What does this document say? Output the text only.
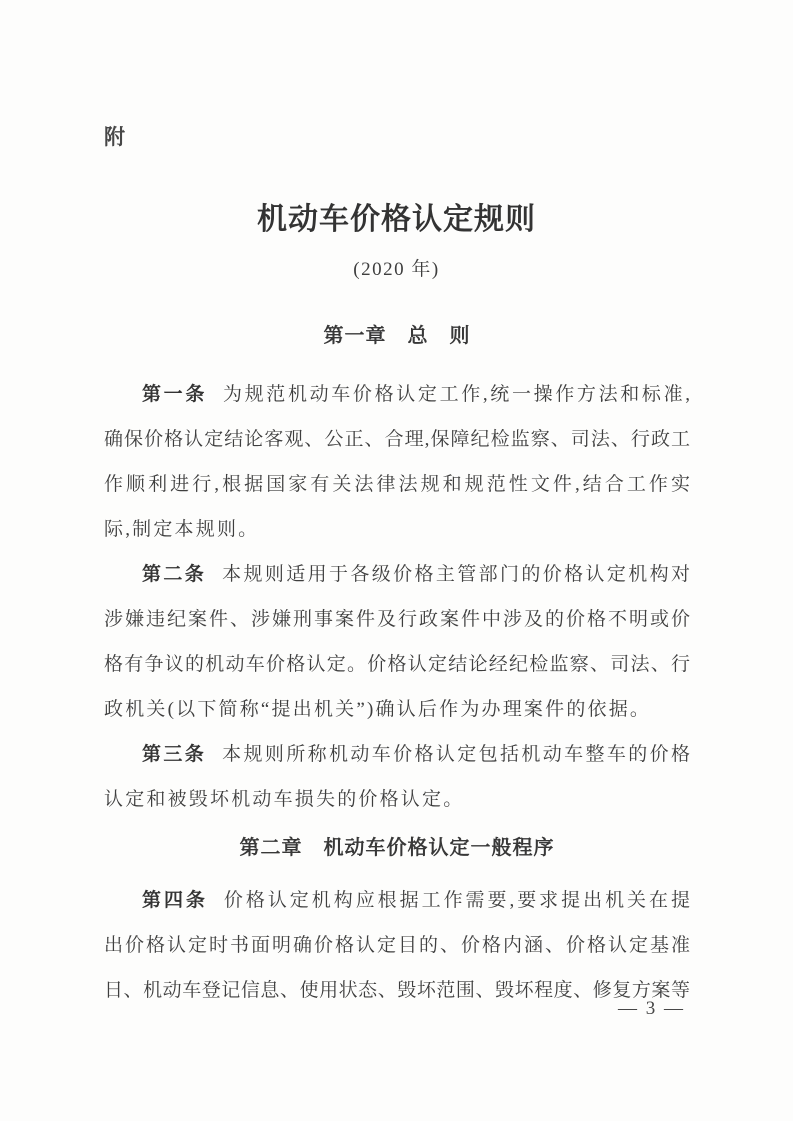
附
机动车价格认定规则
(2020 年)
第一章　总　则
第一条 为规范机动车价格认定工作,统一操作方法和标准,
确保价格认定结论客观、公正、合理,保障纪检监察、司法、行政工
作顺利进行,根据国家有关法律法规和规范性文件,结合工作实
际,制定本规则。
第二条 本规则适用于各级价格主管部门的价格认定机构对
涉嫌违纪案件、涉嫌刑事案件及行政案件中涉及的价格不明或价
格有争议的机动车价格认定。价格认定结论经纪检监察、司法、行
政机关(以下简称“提出机关”)确认后作为办理案件的依据。
第三条 本规则所称机动车价格认定包括机动车整车的价格
认定和被毁坏机动车损失的价格认定。
第二章　机动车价格认定一般程序
第四条 价格认定机构应根据工作需要,要求提出机关在提
出价格认定时书面明确价格认定目的、价格内涵、价格认定基准
日、机动车登记信息、使用状态、毁坏范围、毁坏程度、修复方案等
— 3 —
